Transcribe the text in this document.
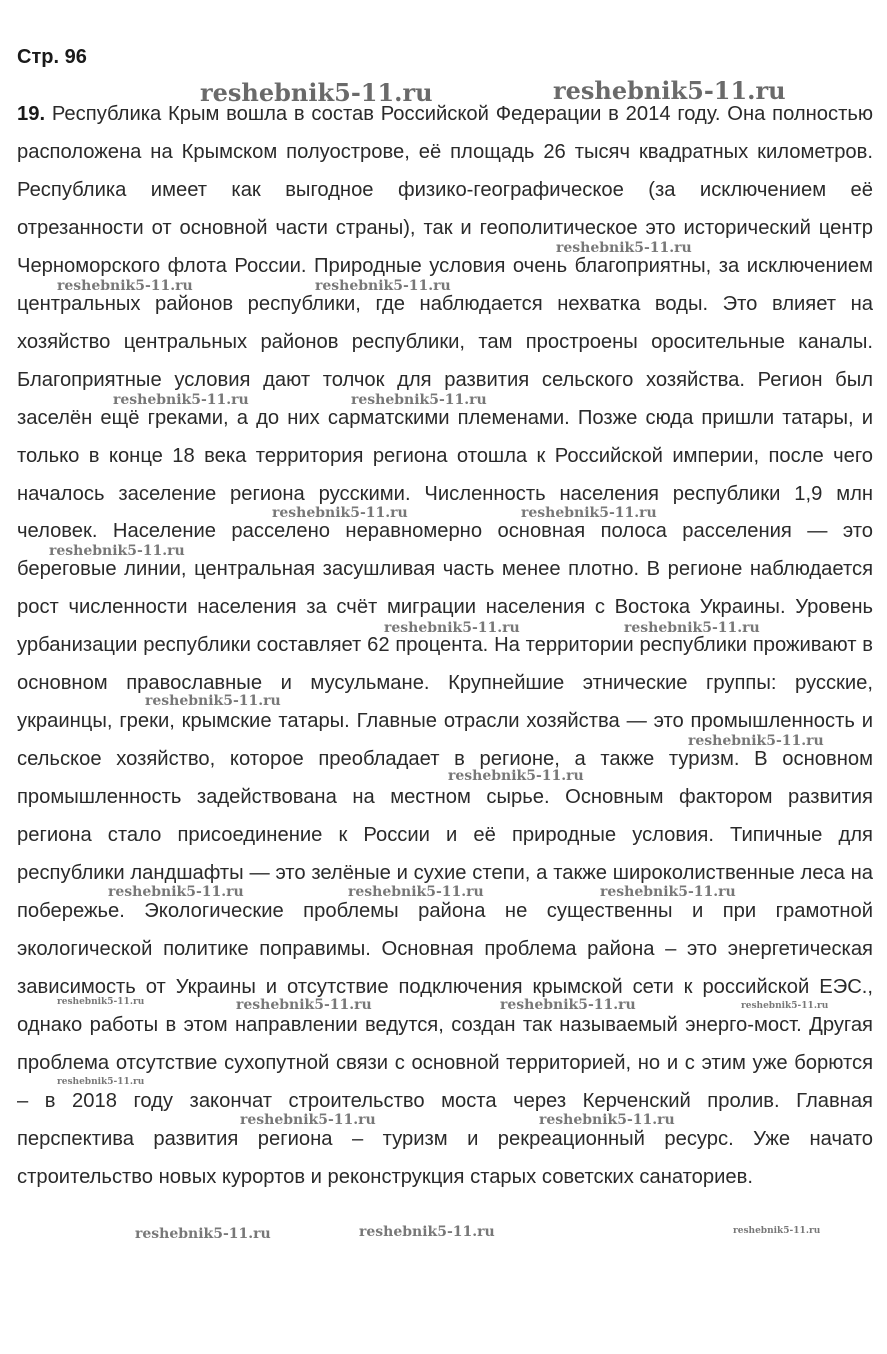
Стр. 96
19. Республика Крым вошла в состав Российской Федерации в 2014 году. Она полностью расположена на Крымском полуострове, её площадь 26 тысяч квадратных километров. Республика имеет как выгодное физико-географическое (за исключением её отрезанности от основной части страны), так и геополитическое это исторический центр Черноморского флота России. Природные условия очень благоприятны, за исключением центральных районов республики, где наблюдается нехватка воды. Это влияет на хозяйство центральных районов республики, там простроены оросительные каналы. Благоприятные условия дают толчок для развития сельского хозяйства. Регион был заселён ещё греками, а до них сарматскими племенами. Позже сюда пришли татары, и только в конце 18 века территория региона отошла к Российской империи, после чего началось заселение региона русскими. Численность населения республики 1,9 млн человек. Население расселено неравномерно основная полоса расселения — это береговые линии, центральная засушливая часть менее плотно. В регионе наблюдается рост численности населения за счёт миграции населения с Востока Украины. Уровень урбанизации республики составляет 62 процента. На территории республики проживают в основном православные и мусульмане. Крупнейшие этнические группы: русские, украинцы, греки, крымские татары. Главные отрасли хозяйства — это промышленность и сельское хозяйство, которое преобладает в регионе, а также туризм. В основном промышленность задействована на местном сырье. Основным фактором развития региона стало присоединение к России и её природные условия. Типичные для республики ландшафты — это зелёные и сухие степи, а также широколиственные леса на побережье. Экологические проблемы района не существенны и при грамотной экологической политике поправимы. Основная проблема района – это энергетическая зависимость от Украины и отсутствие подключения крымской сети к российской ЕЭС., однако работы в этом направлении ведутся, создан так называемый энерго-мост. Другая проблема отсутствие сухопутной связи с основной территорией, но и с этим уже борются – в 2018 году закончат строительство моста через Керченский пролив. Главная перспектива развития региона – туризм и рекреационный ресурс. Уже начато строительство новых курортов и реконструкция старых советских санаториев.
reshebnik5-11.ru	reshebnik5-11.ru
reshebnik5-11.ru
reshebnik5-11.ru	reshebnik5-11.ru
reshebnik5-11.ru	reshebnik5-11.ru
reshebnik5-11.ru	reshebnik5-11.ru
reshebnik5-11.ru
reshebnik5-11.ru	reshebnik5-11.ru
reshebnik5-11.ru
reshebnik5-11.ru
reshebnik5-11.ru
reshebnik5-11.ru	reshebnik5-11.ru	reshebnik5-11.ru
reshebnik5-11.ru	reshebnik5-11.ru	reshebnik5-11.ru	reshebnik5-11.ru
reshebnik5-11.ru
reshebnik5-11.ru	reshebnik5-11.ru
reshebnik5-11.ru	reshebnik5-11.ru	reshebnik5-11.ru
